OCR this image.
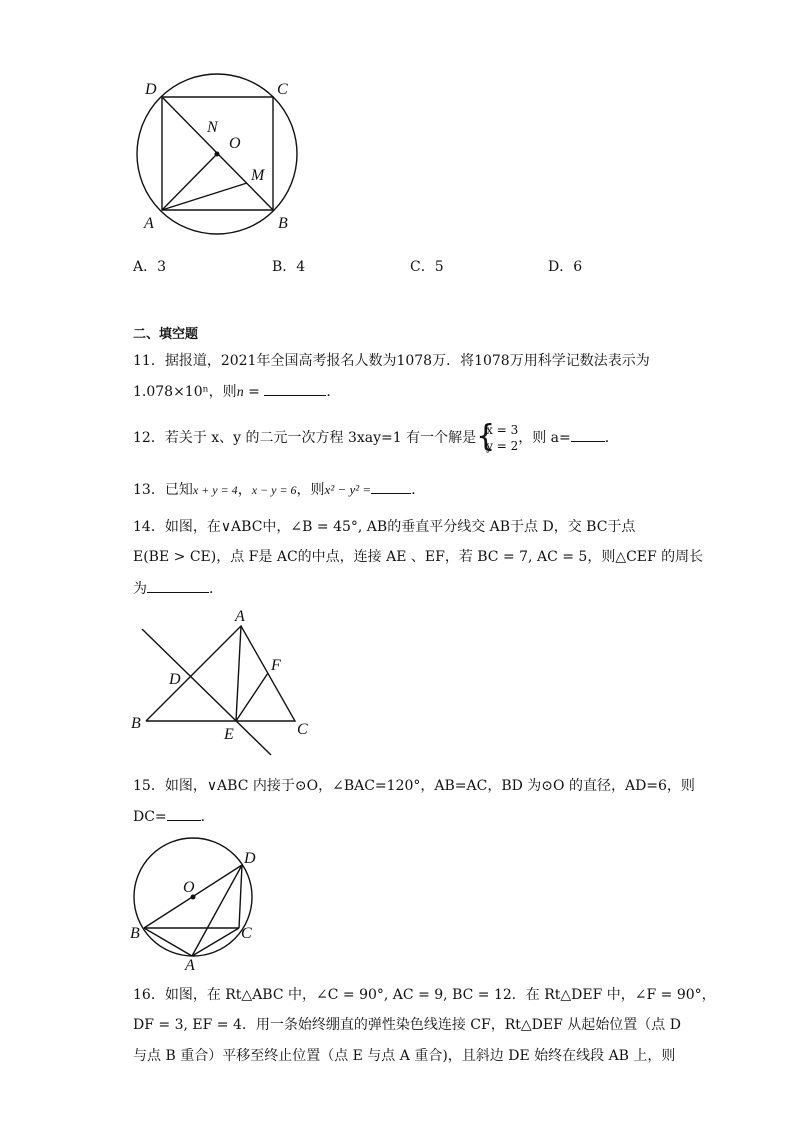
D	C
N
O
M
A	B
A．3	B．4	C．5	D．6
二、填空题
11．据报道，2021年全国高考报名人数为1078万．将1078万用科学记数法表示为
1.078×10ⁿ，则n =	．
12．若关于 x、y 的二元一次方程 3xay=1 有一个解是 {
x = 3
y = 2 ，则 a= ．
13．已知x + y = 4，x − y = 6，则x² − y² =	．
14．如图，在∨ABC中，∠B = 45°, AB的垂直平分线交 AB于点 D，交 BC于点
E(BE > CE)，点 F是 AC的中点，连接 AE 、EF，若 BC = 7, AC = 5，则△CEF 的周长
为	．
A
F
D
B
E	C
15．如图，∨ABC 内接于⊙O，∠BAC=120°，AB=AC，BD 为⊙O 的直径，AD=6，则
DC= ．
O
D
B	C
A
16．如图，在 Rt△ABC 中，∠C = 90°, AC = 9, BC = 12．在 Rt△DEF 中，∠F = 90°，
DF = 3, EF = 4．用一条始终绷直的弹性染色线连接 CF，Rt△DEF 从起始位置（点 D
与点 B 重合）平移至终止位置（点 E 与点 A 重合)，且斜边 DE 始终在线段 AB 上，则
